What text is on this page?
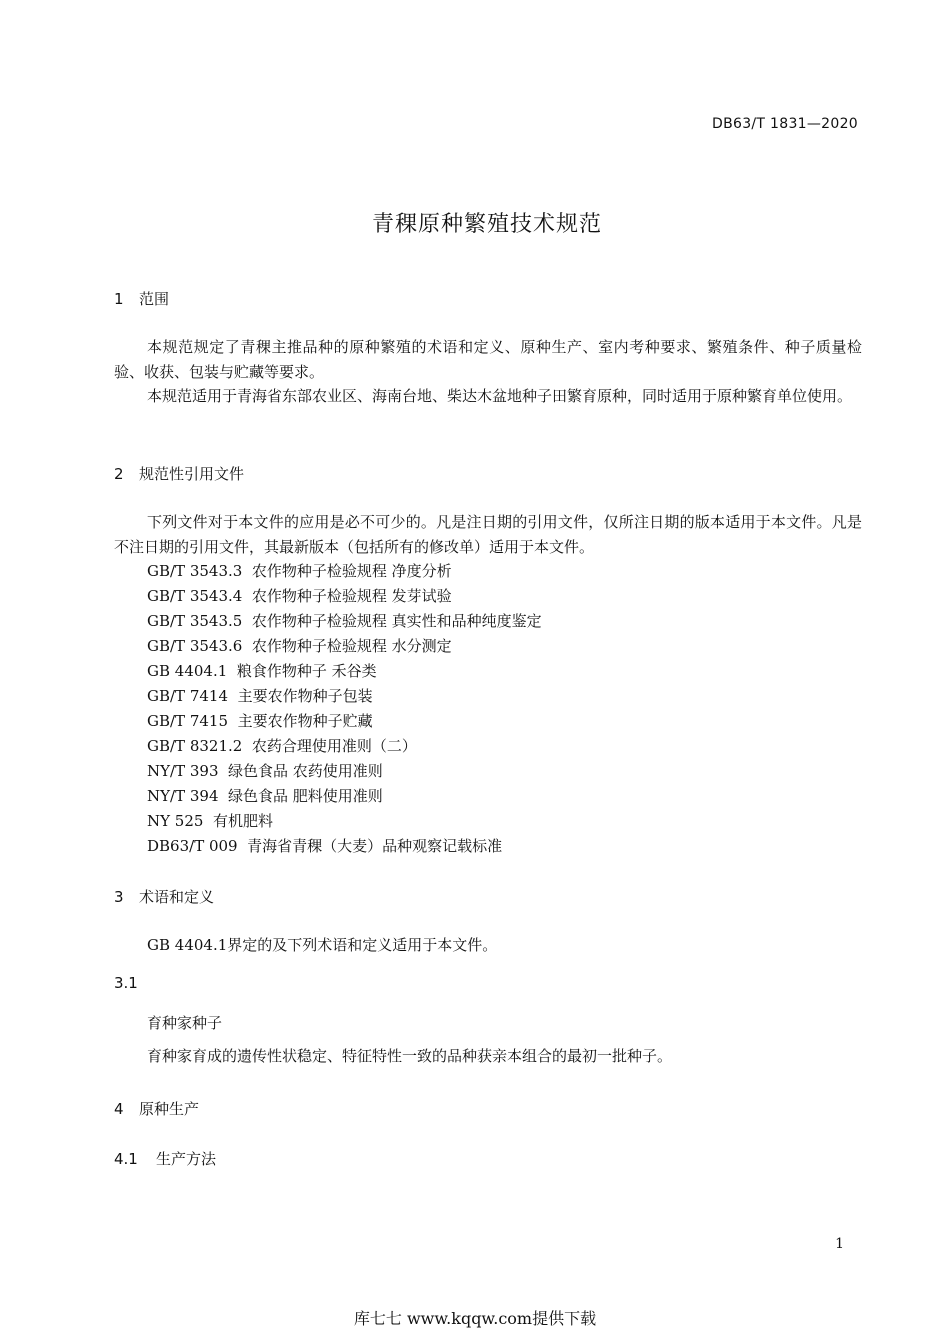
DB63/T 1831—2020
青稞原种繁殖技术规范
1 范围
本规范规定了青稞主推品种的原种繁殖的术语和定义、原种生产、室内考种要求、繁殖条件、种子质量检验、收获、包装与贮藏等要求。
本规范适用于青海省东部农业区、海南台地、柴达木盆地种子田繁育原种，同时适用于原种繁育单位使用。
2 规范性引用文件
下列文件对于本文件的应用是必不可少的。凡是注日期的引用文件，仅所注日期的版本适用于本文件。凡是不注日期的引用文件，其最新版本（包括所有的修改单）适用于本文件。
GB/T 3543.3 农作物种子检验规程 净度分析
GB/T 3543.4 农作物种子检验规程 发芽试验
GB/T 3543.5 农作物种子检验规程 真实性和品种纯度鉴定
GB/T 3543.6 农作物种子检验规程 水分测定
GB 4404.1 粮食作物种子 禾谷类
GB/T 7414 主要农作物种子包装
GB/T 7415 主要农作物种子贮藏
GB/T 8321.2 农药合理使用准则（二）
NY/T 393 绿色食品 农药使用准则
NY/T 394 绿色食品 肥料使用准则
NY 525 有机肥料
DB63/T 009 青海省青稞（大麦）品种观察记载标准
3 术语和定义
GB 4404.1界定的及下列术语和定义适用于本文件。
3.1
育种家种子
育种家育成的遗传性状稳定、特征特性一致的品种获亲本组合的最初一批种子。
4 原种生产
4.1 生产方法
1
库七七 www.kqqw.com提供下载
